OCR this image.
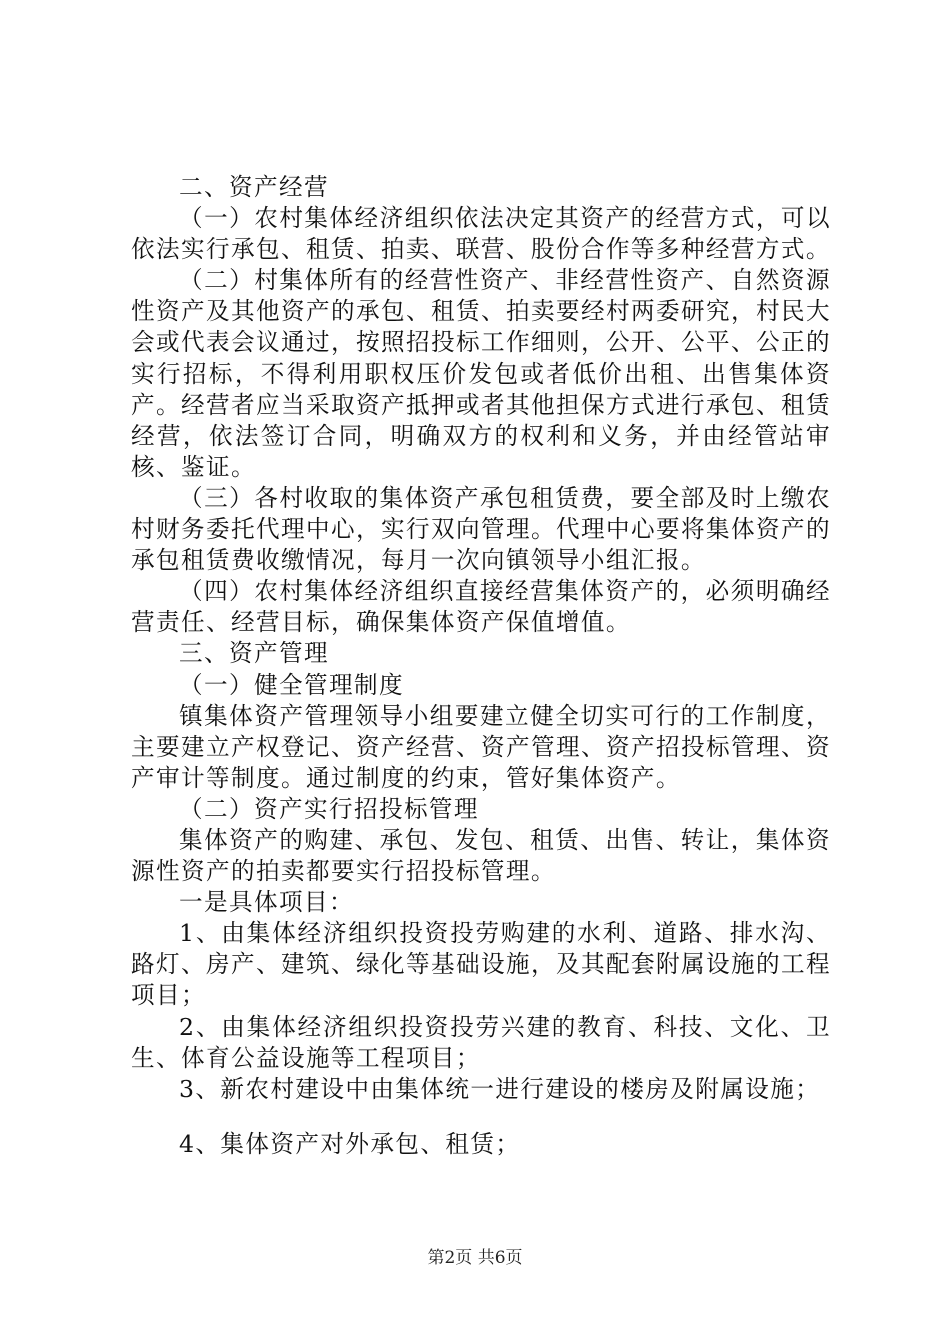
二、资产经营

（一）农村集体经济组织依法决定其资产的经营方式，可以依法实行承包、租赁、拍卖、联营、股份合作等多种经营方式。

（二）村集体所有的经营性资产、非经营性资产、自然资源性资产及其他资产的承包、租赁、拍卖要经村两委研究，村民大会或代表会议通过，按照招投标工作细则，公开、公平、公正的实行招标，不得利用职权压价发包或者低价出租、出售集体资产。经营者应当采取资产抵押或者其他担保方式进行承包、租赁经营，依法签订合同，明确双方的权利和义务，并由经管站审核、鉴证。

（三）各村收取的集体资产承包租赁费，要全部及时上缴农村财务委托代理中心，实行双向管理。代理中心要将集体资产的承包租赁费收缴情况，每月一次向镇领导小组汇报。

（四）农村集体经济组织直接经营集体资产的，必须明确经营责任、经营目标，确保集体资产保值增值。

三、资产管理

（一）健全管理制度

镇集体资产管理领导小组要建立健全切实可行的工作制度，主要建立产权登记、资产经营、资产管理、资产招投标管理、资产审计等制度。通过制度的约束，管好集体资产。

（二）资产实行招投标管理

集体资产的购建、承包、发包、租赁、出售、转让，集体资源性资产的拍卖都要实行招投标管理。

一是具体项目：

1、由集体经济组织投资投劳购建的水利、道路、排水沟、路灯、房产、建筑、绿化等基础设施，及其配套附属设施的工程项目；

2、由集体经济组织投资投劳兴建的教育、科技、文化、卫生、体育公益设施等工程项目；

3、新农村建设中由集体统一进行建设的楼房及附属设施；

4、集体资产对外承包、租赁；

第2页 共6页
